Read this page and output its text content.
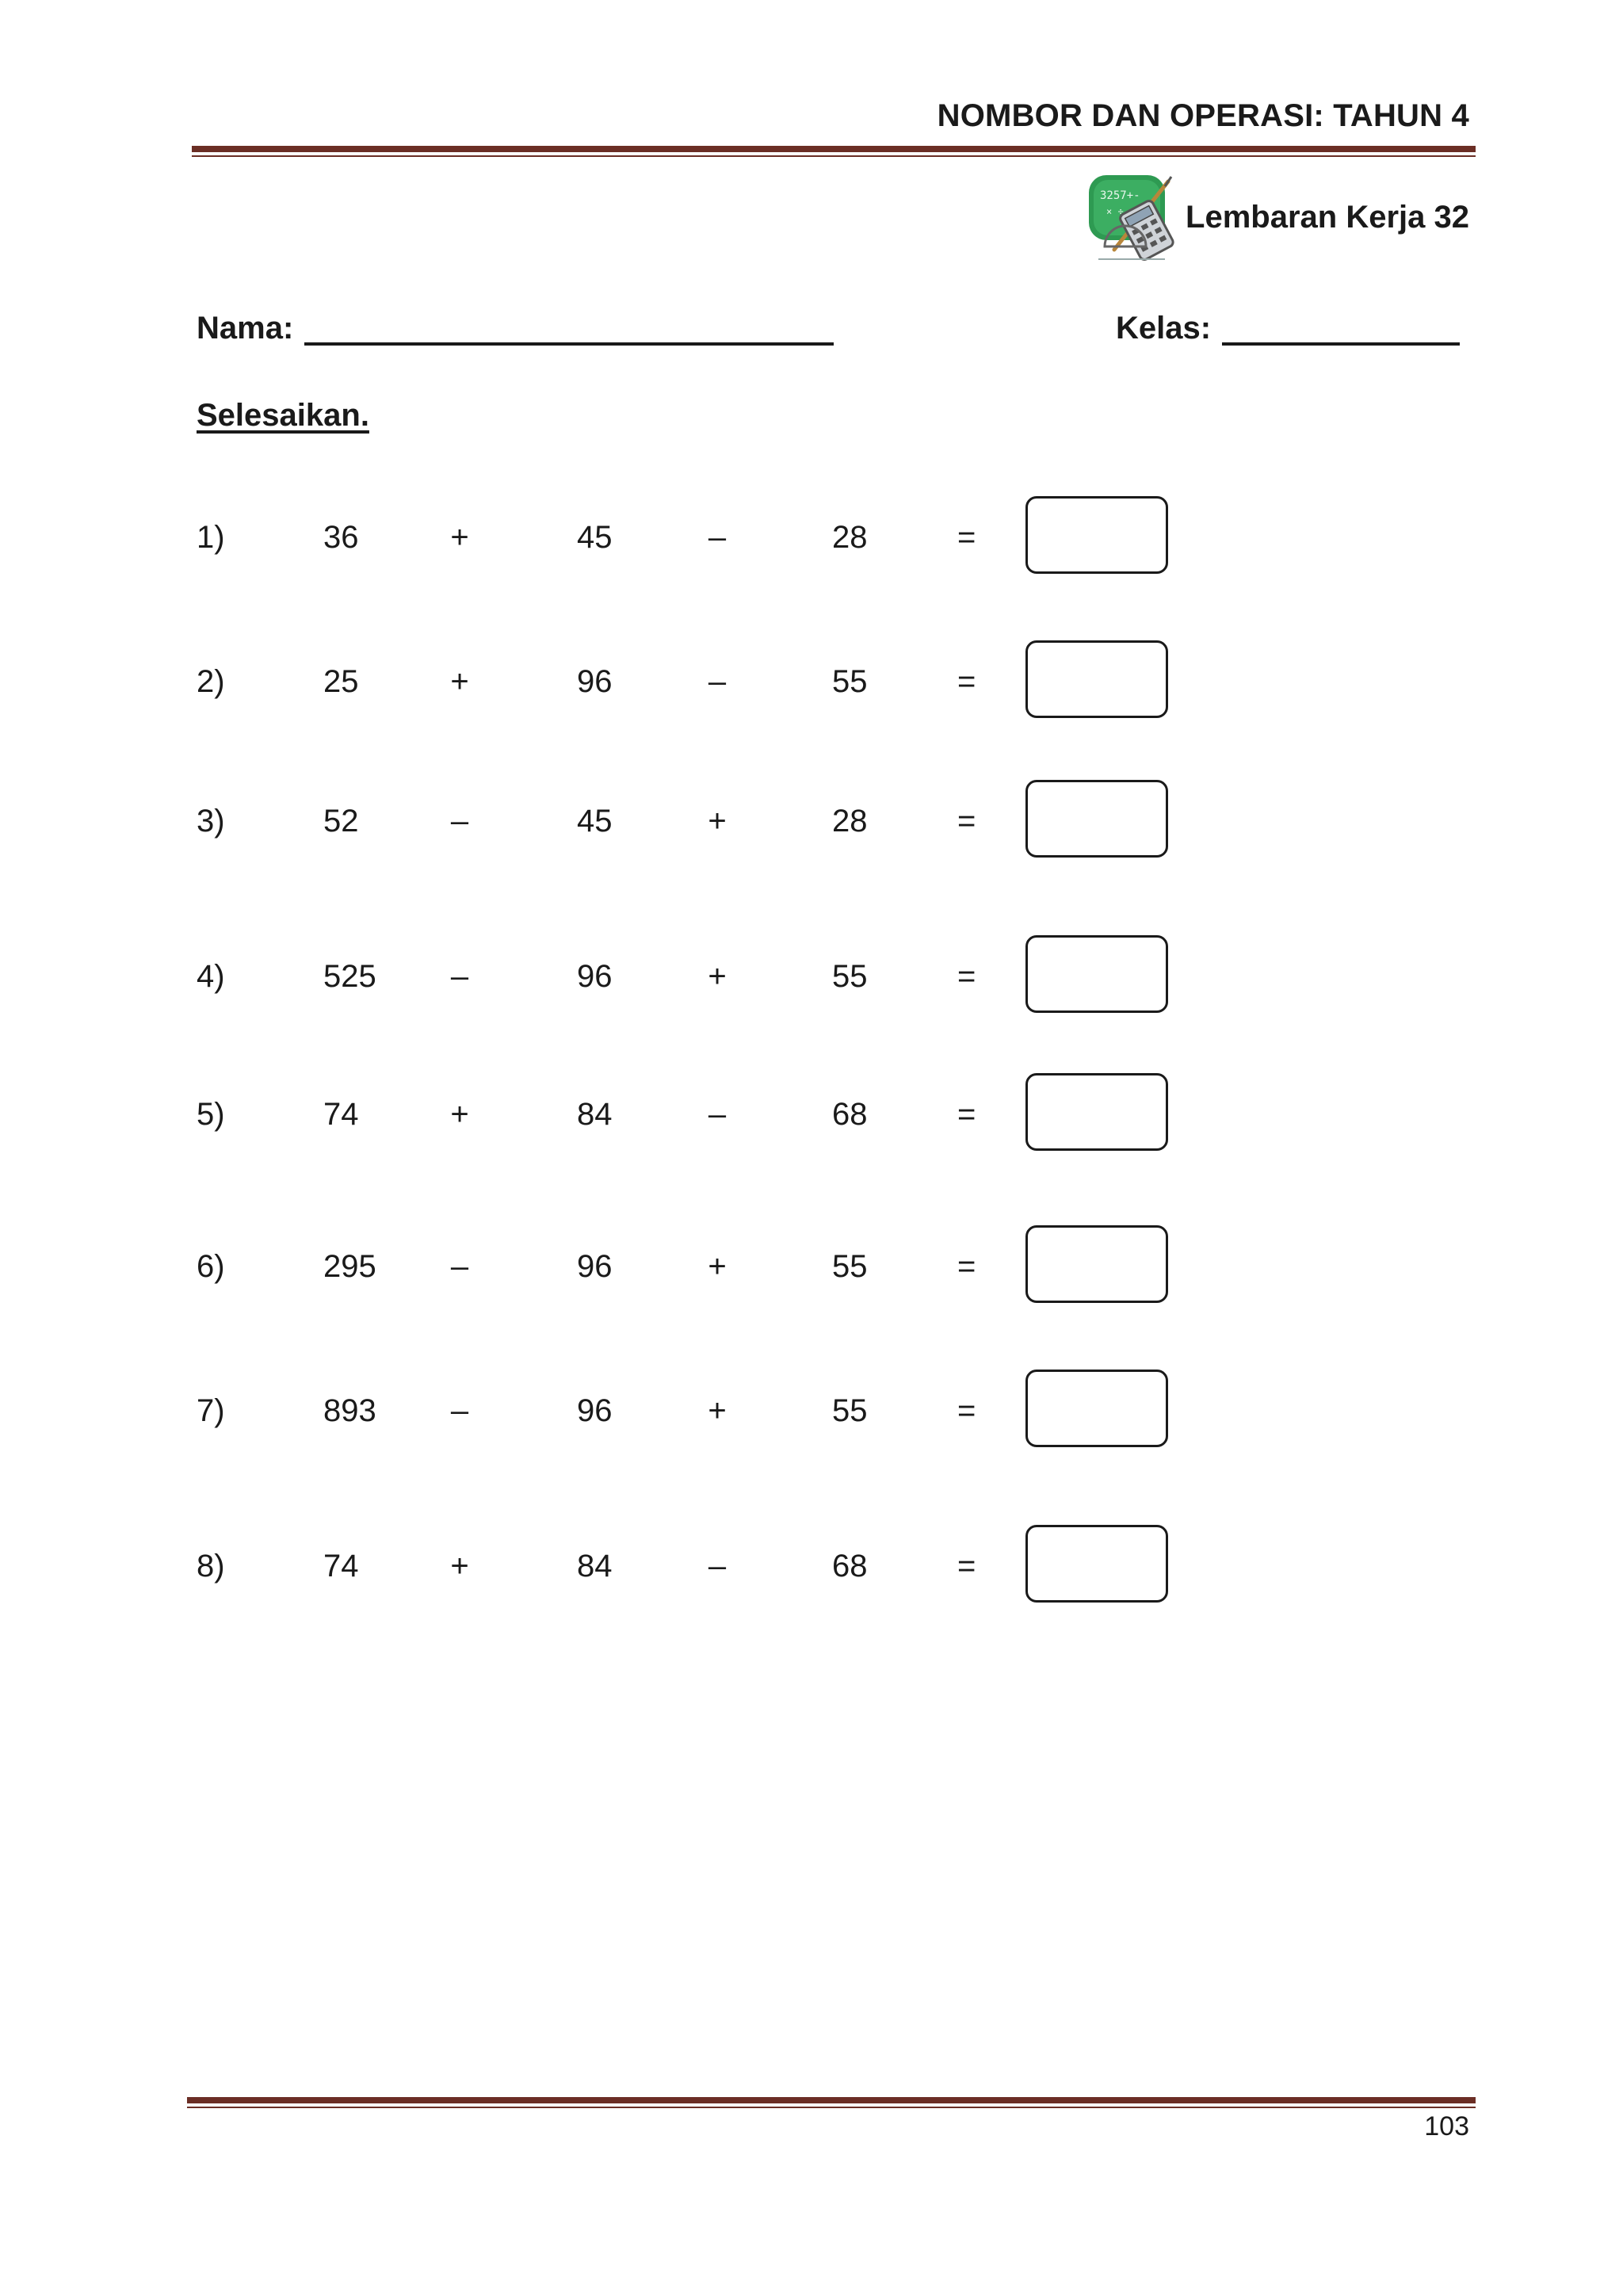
NOMBOR DAN OPERASI: TAHUN 4
3257+-
× ÷ Lembaran Kerja 32
Nama:	Kelas:
Selesaikan.
1)	36	+	45	–	28	=
2)	25	+	96	–	55	=
3)	52	–	45	+	28	=
4)	525 –	96	+	55	=
5)	74	+	84	–	68	=
6)	295 –	96	+	55	=
7)	893 –	96	+	55	=
8)	74	+	84	–	68	=
103
